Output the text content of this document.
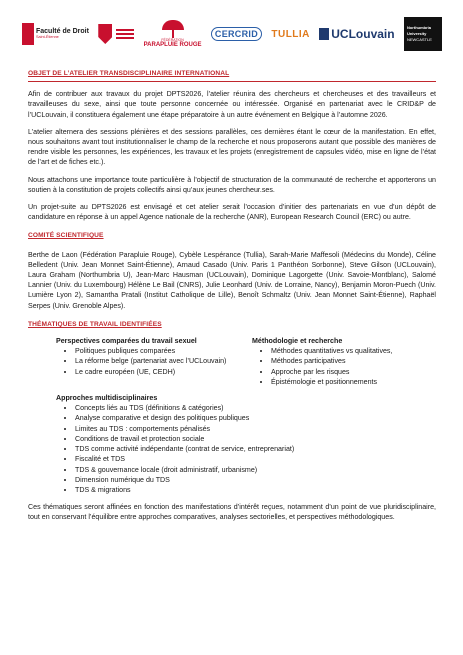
Faculté de Droit
Saint-Étienne
FÉDÉRATION
PARAPLUIE ROUGE
CERCRID	TULLIA UCLouvain	Northumbria
University
NEWCASTLE
OBJET DE L’ATELIER TRANSDISCIPLINAIRE INTERNATIONAL

Afin de contribuer aux travaux du projet DPTS2026, l’atelier réunira des chercheurs et chercheuses et des travailleurs et travailleuses du sexe, ainsi que toute personne concernée ou intéressée. Organisé en partenariat avec le CRID&P de l’UCLouvain, il constituera également une étape préparatoire à un autre événement en Belgique à l’automne 2026.

L’atelier alternera des sessions plénières et des sessions parallèles, ces dernières étant le cœur de la manifestation. En effet, nous souhaitons avant tout institutionnaliser le champ de la recherche et nous proposerons autant que possible des manières de rendre visible les personnes, les expériences, les travaux et les projets (enregistrement de capsules vidéo, mise en ligne de l’état de l’art et de fiches etc.).

Nous attachons une importance toute particulière à l’objectif de structuration de la communauté de recherche et apporterons un soutien à la constitution de projets collectifs ainsi qu’aux jeunes chercheur.ses.

Un projet-suite au DPTS2026 est envisagé et cet atelier serait l’occasion d’initier des partenariats en vue d’un dépôt de candidature en réponse à un appel Agence nationale de la recherche (ANR), European Research Council (ERC) ou autre.

COMITÉ SCIENTIFIQUE

Berthe de Laon (Fédération Parapluie Rouge), Cybèle Lespérance (Tullia), Sarah-Marie Maffesoli (Médecins du Monde), Céline Belledent (Univ. Jean Monnet Saint-Étienne), Arnaud Casado (Univ. Paris 1 Panthéon Sorbonne), Steve Gilson (UCLouvain), Laura Graham (Northumbria U), Jean-Marc Hausman (UCLouvain), Dominique Lagorgette (Univ. Savoie-Montblanc), Salomé Lannier (Univ. du Luxembourg) Hélène Le Bail (CNRS), Julie Leonhard (Univ. de Lorraine, Nancy), Benjamin Moron-Puech (Univ. Lumière Lyon 2), Samantha Pratali (Institut Catholique de Lille), Benoît Schmaltz (Univ. Jean Monnet Saint-Étienne), Raphaël Serpes (Univ. Grenoble Alpes).

THÉMATIQUES DE TRAVAIL IDENTIFIÉES
Perspectives comparées du travail sexuel
• Politiques publiques comparées
• La réforme belge (partenariat avec l’UCLouvain)
• Le cadre européen (UE, CEDH)
Méthodologie et recherche
• Méthodes quantitatives vs qualitatives,
• Méthodes participatives
• Approche par les risques
• Épistémologie et positionnements
Approches multidisciplinaires
• Concepts liés au TDS (définitions & catégories)
• Analyse comparative et design des politiques publiques
• Limites au TDS : comportements pénalisés
• Conditions de travail et protection sociale
• TDS comme activité indépendante (contrat de service, entreprenariat)
• Fiscalité et TDS
• TDS & gouvernance locale (droit administratif, urbanisme)
• Dimension numérique du TDS
• TDS & migrations

Ces thématiques seront affinées en fonction des manifestations d’intérêt reçues, notamment d’un point de vue pluridisciplinaire, tout en conservant l’équilibre entre approches comparatives, analyses sectorielles, et perspectives méthodologiques.
